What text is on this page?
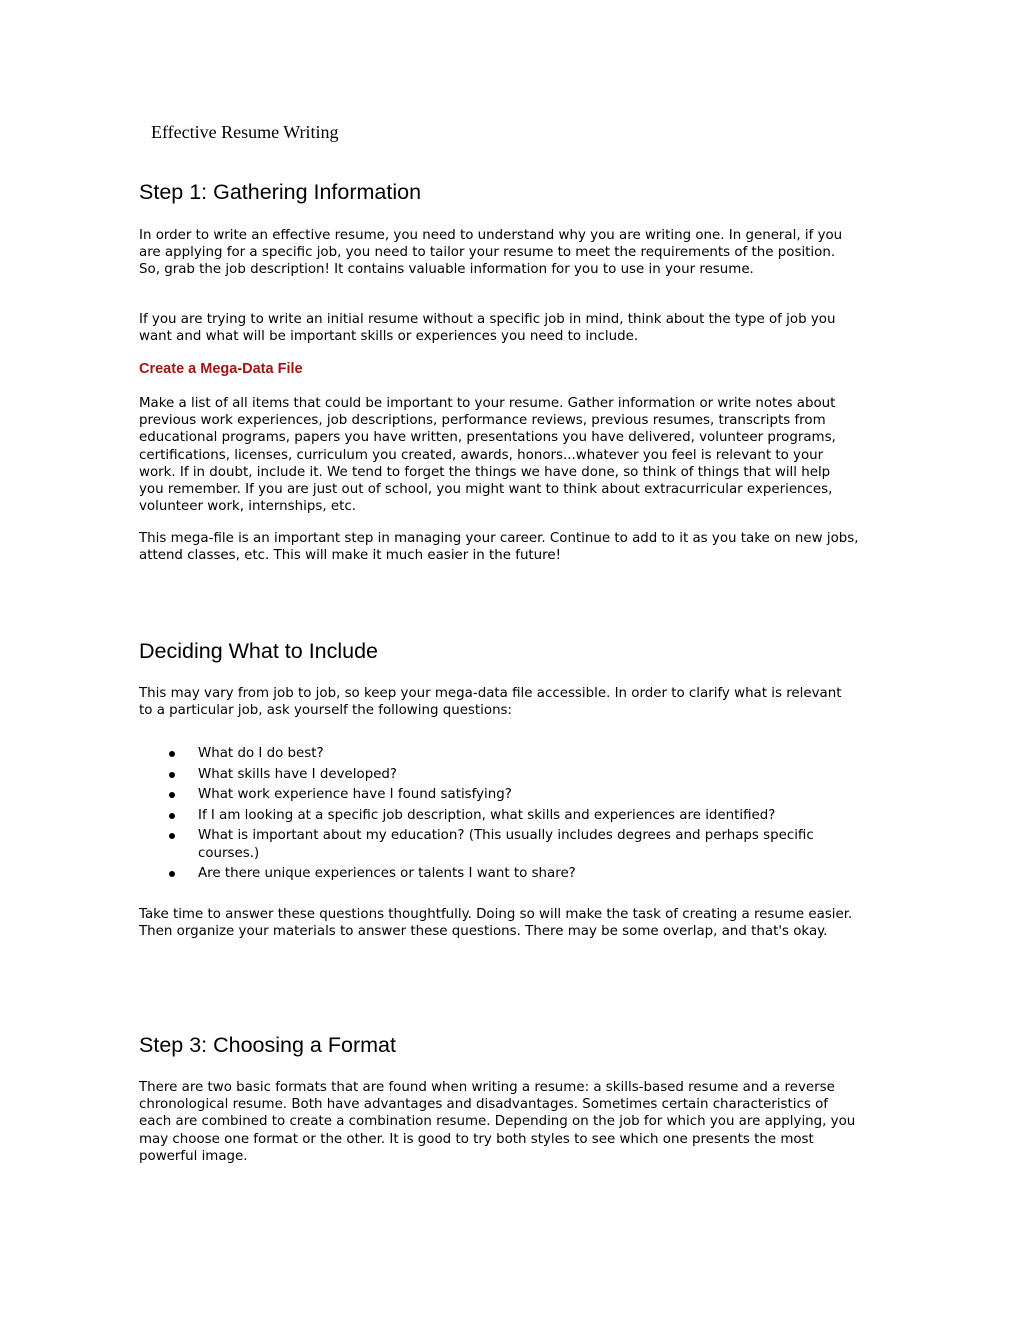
Effective Resume Writing
Step 1: Gathering Information

In order to write an effective resume, you need to understand why you are writing one. In general, if you are applying for a specific job, you need to tailor your resume to meet the requirements of the position. So, grab the job description! It contains valuable information for you to use in your resume.

If you are trying to write an initial resume without a specific job in mind, think about the type of job you want and what will be important skills or experiences you need to include.

Create a Mega-Data File

Make a list of all items that could be important to your resume. Gather information or write notes about previous work experiences, job descriptions, performance reviews, previous resumes, transcripts from educational programs, papers you have written, presentations you have delivered, volunteer programs, certifications, licenses, curriculum you created, awards, honors...whatever you feel is relevant to your work. If in doubt, include it. We tend to forget the things we have done, so think of things that will help you remember. If you are just out of school, you might want to think about extracurricular experiences, volunteer work, internships, etc.

This mega-file is an important step in managing your career. Continue to add to it as you take on new jobs, attend classes, etc. This will make it much easier in the future!

Deciding What to Include

This may vary from job to job, so keep your mega-data file accessible. In order to clarify what is relevant to a particular job, ask yourself the following questions:

What do I do best?
What skills have I developed?
What work experience have I found satisfying?
If I am looking at a specific job description, what skills and experiences are identified?
What is important about my education? (This usually includes degrees and perhaps specific courses.)
Are there unique experiences or talents I want to share?

Take time to answer these questions thoughtfully. Doing so will make the task of creating a resume easier. Then organize your materials to answer these questions. There may be some overlap, and that's okay.

Step 3: Choosing a Format

There are two basic formats that are found when writing a resume: a skills-based resume and a reverse chronological resume. Both have advantages and disadvantages. Sometimes certain characteristics of each are combined to create a combination resume. Depending on the job for which you are applying, you may choose one format or the other. It is good to try both styles to see which one presents the most powerful image.
